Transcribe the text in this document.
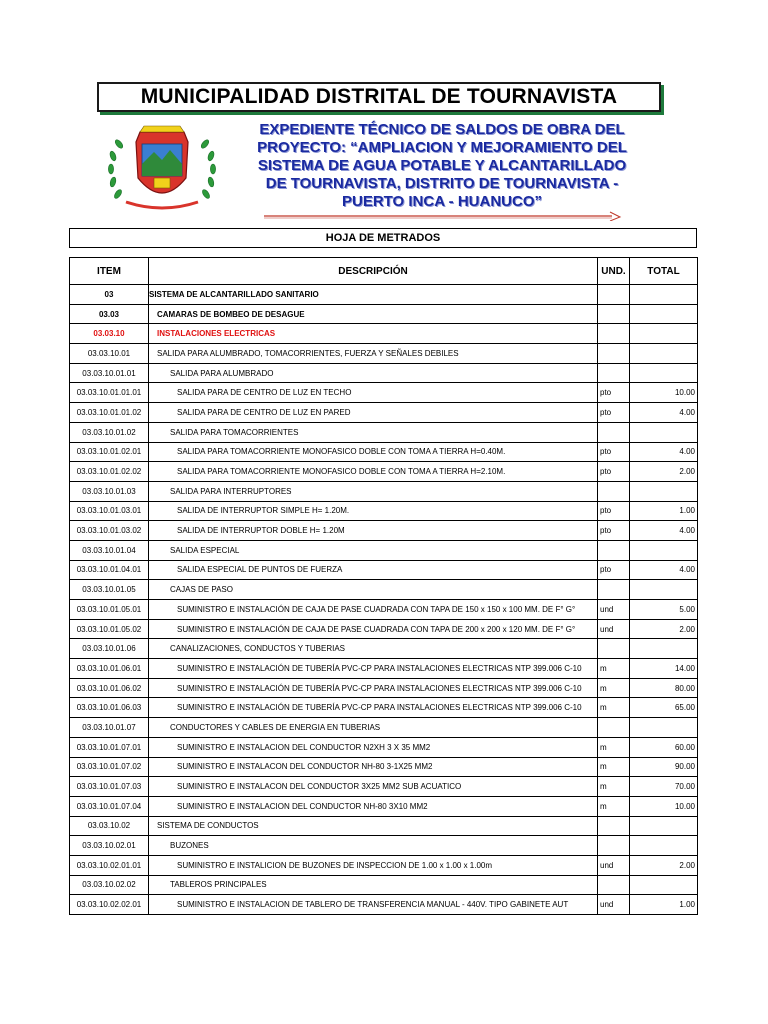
MUNICIPALIDAD DISTRITAL DE TOURNAVISTA
EXPEDIENTE TÉCNICO DE SALDOS DE OBRA DEL
PROYECTO: “AMPLIACION Y MEJORAMIENTO DEL
SISTEMA DE AGUA POTABLE Y ALCANTARILLADO
DE TOURNAVISTA, DISTRITO DE TOURNAVISTA -
PUERTO INCA - HUANUCO”
HOJA DE METRADOS
ITEM	DESCRIPCIÓN	UND.	TOTAL
03	SISTEMA DE ALCANTARILLADO SANITARIO		
03.03	CAMARAS DE BOMBEO DE DESAGUE		
03.03.10	INSTALACIONES ELECTRICAS		
03.03.10.01	SALIDA PARA ALUMBRADO, TOMACORRIENTES, FUERZA Y SEÑALES DEBILES		
03.03.10.01.01	SALIDA PARA ALUMBRADO		
03.03.10.01.01.01	SALIDA PARA DE CENTRO DE LUZ EN TECHO	pto	10.00
03.03.10.01.01.02	SALIDA PARA DE CENTRO DE LUZ EN PARED	pto	4.00
03.03.10.01.02	SALIDA PARA TOMACORRIENTES		
03.03.10.01.02.01	SALIDA PARA TOMACORRIENTE MONOFASICO DOBLE CON TOMA A TIERRA H=0.40M.	pto	4.00
03.03.10.01.02.02	SALIDA PARA TOMACORRIENTE MONOFASICO DOBLE CON TOMA A TIERRA H=2.10M.	pto	2.00
03.03.10.01.03	SALIDA PARA INTERRUPTORES		
03.03.10.01.03.01	SALIDA DE INTERRUPTOR SIMPLE H= 1.20M.	pto	1.00
03.03.10.01.03.02	SALIDA DE INTERRUPTOR DOBLE H= 1.20M	pto	4.00
03.03.10.01.04	SALIDA ESPECIAL		
03.03.10.01.04.01	SALIDA ESPECIAL DE PUNTOS DE FUERZA	pto	4.00
03.03.10.01.05	CAJAS DE PASO		
03.03.10.01.05.01	SUMINISTRO E INSTALACIÓN DE CAJA DE PASE CUADRADA CON TAPA DE 150 x 150 x 100 MM. DE F° G°	und	5.00
03.03.10.01.05.02	SUMINISTRO E INSTALACIÓN DE CAJA DE PASE CUADRADA CON TAPA DE 200 x 200 x 120 MM. DE F° G°	und	2.00
03.03.10.01.06	CANALIZACIONES, CONDUCTOS Y TUBERIAS		
03.03.10.01.06.01	SUMINISTRO E INSTALACIÓN DE TUBERÍA PVC-CP PARA INSTALACIONES ELECTRICAS NTP 399.006 C-10	m	14.00
03.03.10.01.06.02	SUMINISTRO E INSTALACIÓN DE TUBERÍA PVC-CP PARA INSTALACIONES ELECTRICAS NTP 399.006 C-10	m	80.00
03.03.10.01.06.03	SUMINISTRO E INSTALACIÓN DE TUBERÍA PVC-CP PARA INSTALACIONES ELECTRICAS NTP 399.006 C-10	m	65.00
03.03.10.01.07	CONDUCTORES Y CABLES DE ENERGIA EN TUBERIAS		
03.03.10.01.07.01	SUMINISTRO E INSTALACION DEL CONDUCTOR N2XH 3 X 35 MM2	m	60.00
03.03.10.01.07.02	SUMINISTRO E INSTALACON DEL CONDUCTOR NH-80 3-1X25 MM2	m	90.00
03.03.10.01.07.03	SUMINISTRO E INSTALACON DEL CONDUCTOR 3X25 MM2 SUB ACUATICO	m	70.00
03.03.10.01.07.04	SUMINISTRO E INSTALACION DEL CONDUCTOR NH-80 3X10 MM2	m	10.00
03.03.10.02	SISTEMA DE CONDUCTOS		
03.03.10.02.01	BUZONES		
03.03.10.02.01.01	SUMINISTRO E INSTALICION DE BUZONES DE INSPECCION DE 1.00 x 1.00 x 1.00m	und	2.00
03.03.10.02.02	TABLEROS PRINCIPALES		
03.03.10.02.02.01	SUMINISTRO E INSTALACION DE TABLERO DE TRANSFERENCIA MANUAL - 440V. TIPO GABINETE AUT	und	1.00
